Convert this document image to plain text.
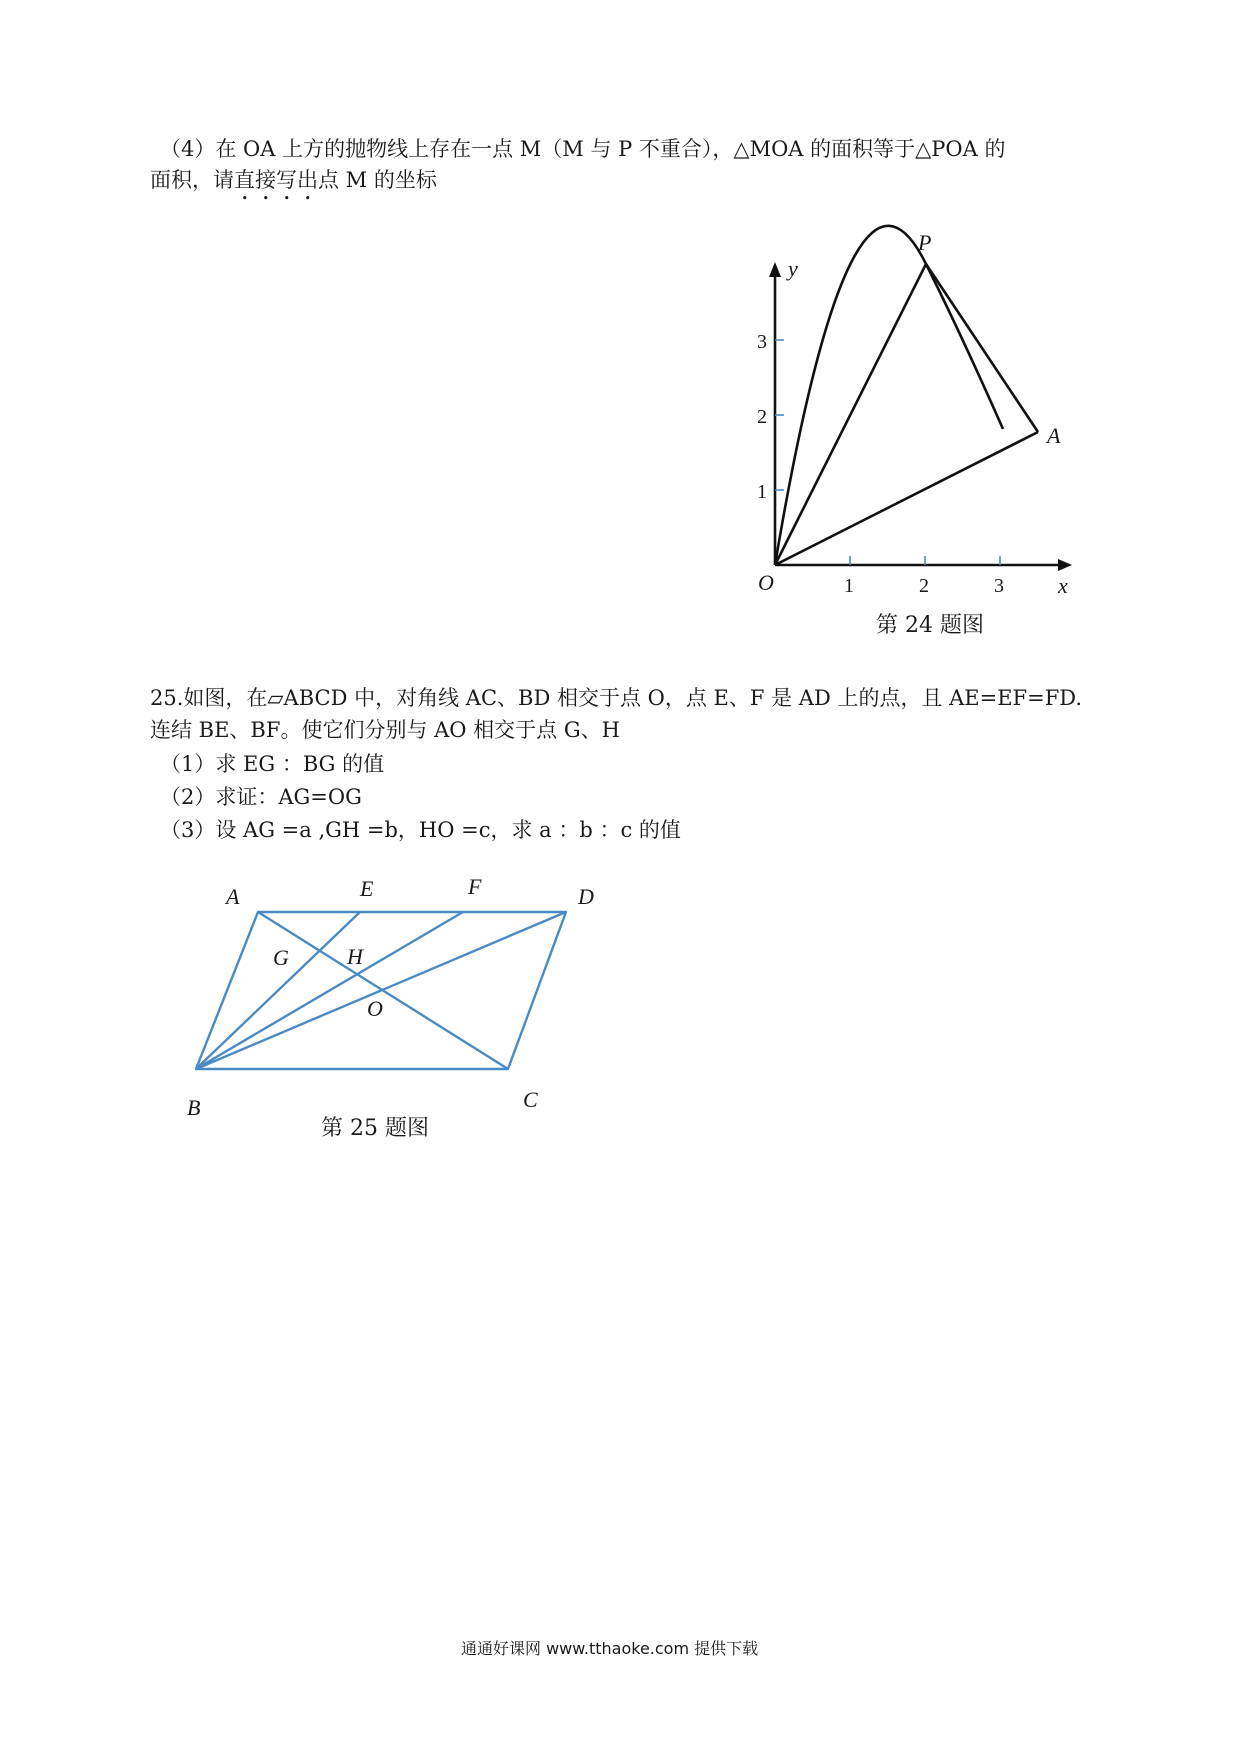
（4）在 OA 上方的抛物线上存在一点 M（M 与 P 不重合），△MOA 的面积等于△POA 的
面积，请直接写出点 M 的坐标
P
A
O	x
y
1	2	3
1
2
3
第 24 题图
25.如图，在▱ABCD 中，对角线 AC、BD 相交于点 O，点 E、F 是 AD 上的点，且 AE=EF=FD.
连结 BE、BF。使它们分别与 AO 相交于点 G、H
（1）求 EG ：BG 的值
（2）求证：AG=OG
（3）设 AG =a ,GH =b，HO =c，求 a ：b ：c 的值
A	E	F	D
G	H
O
B	C
第 25 题图
通通好课网 www.tthaoke.com 提供下载
